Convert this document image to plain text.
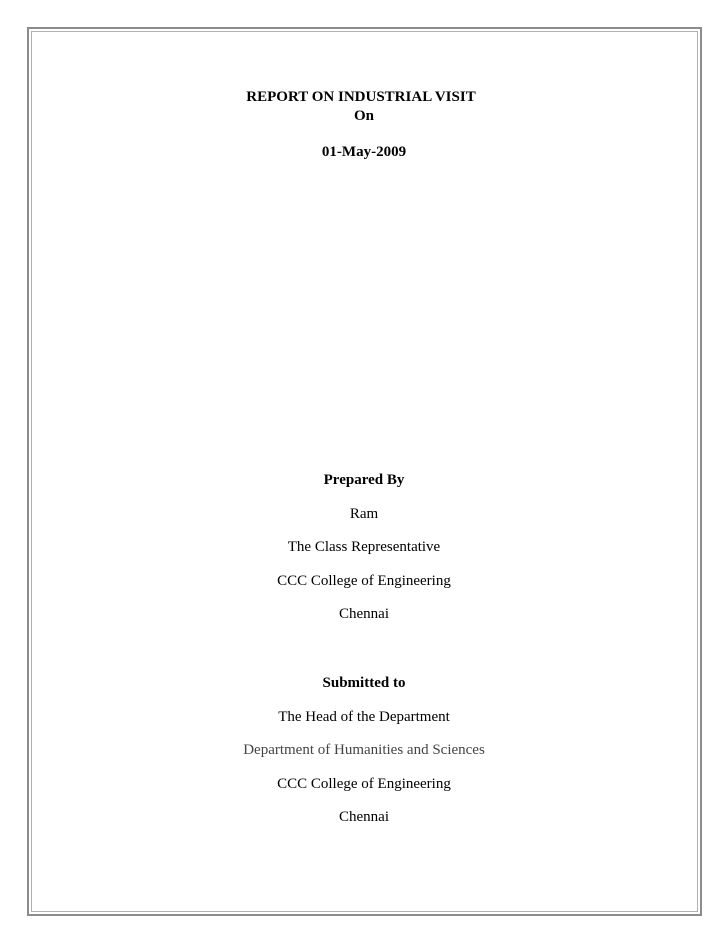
REPORT ON INDUSTRIAL VISIT
On
01-May-2009
Prepared By
Ram
The Class Representative
CCC College of Engineering
Chennai
Submitted to
The Head of the Department
Department of Humanities and Sciences
CCC College of Engineering
Chennai
